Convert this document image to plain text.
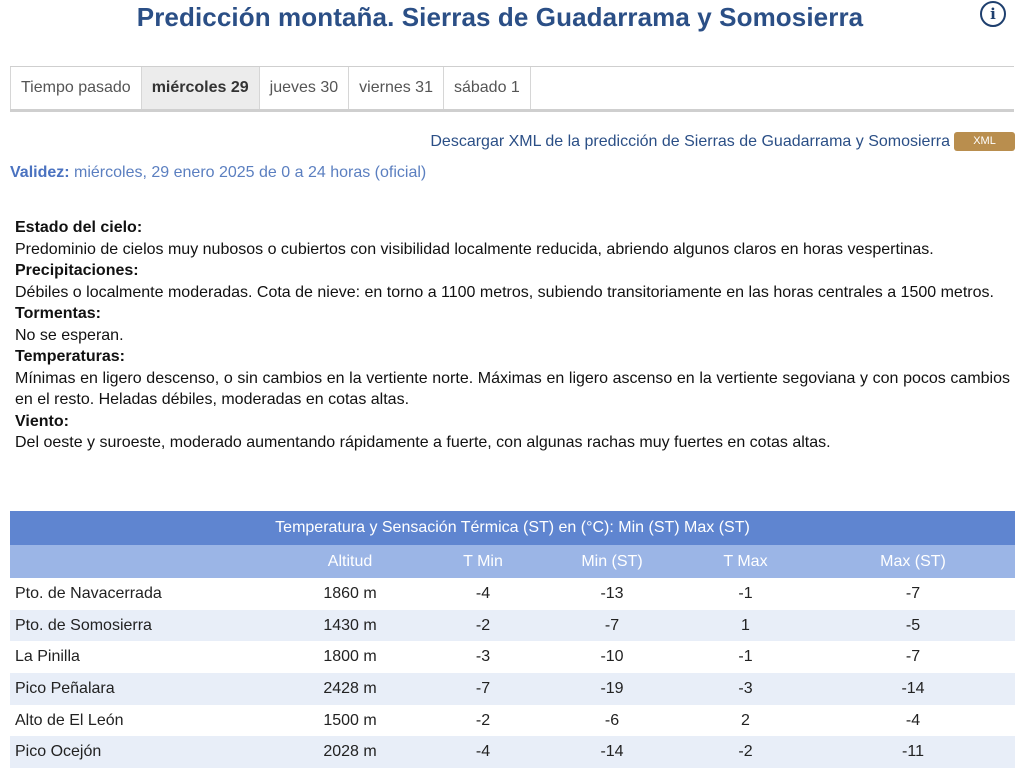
Predicción montaña. Sierras de Guadarrama y Somosierra	i
Tiempo pasado	miércoles 29	jueves 30	viernes 31	sábado 1
Descargar XML de la predicción de Sierras de Guadarrama y Somosierra	XML
Validez: miércoles, 29 enero 2025 de 0 a 24 horas (oficial)
Estado del cielo:
Predominio de cielos muy nubosos o cubiertos con visibilidad localmente reducida, abriendo algunos claros en horas vespertinas.
Precipitaciones:
Débiles o localmente moderadas. Cota de nieve: en torno a 1100 metros, subiendo transitoriamente en las horas centrales a 1500 metros.
Tormentas:
No se esperan.
Temperaturas:
Mínimas en ligero descenso, o sin cambios en la vertiente norte. Máximas en ligero ascenso en la vertiente segoviana y con pocos cambios en el resto. Heladas débiles, moderadas en cotas altas.
Viento:
Del oeste y suroeste, moderado aumentando rápidamente a fuerte, con algunas rachas muy fuertes en cotas altas.
Temperatura y Sensación Térmica (ST) en (°C): Min (ST) Max (ST)					
	Altitud	T Min	Min (ST)	T Max	Max (ST)
Pto. de Navacerrada	1860 m	-4	-13	-1	-7
Pto. de Somosierra	1430 m	-2	-7	1	-5
La Pinilla	1800 m	-3	-10	-1	-7
Pico Peñalara	2428 m	-7	-19	-3	-14
Alto de El León	1500 m	-2	-6	2	-4
Pico Ocejón	2028 m	-4	-14	-2	-11
